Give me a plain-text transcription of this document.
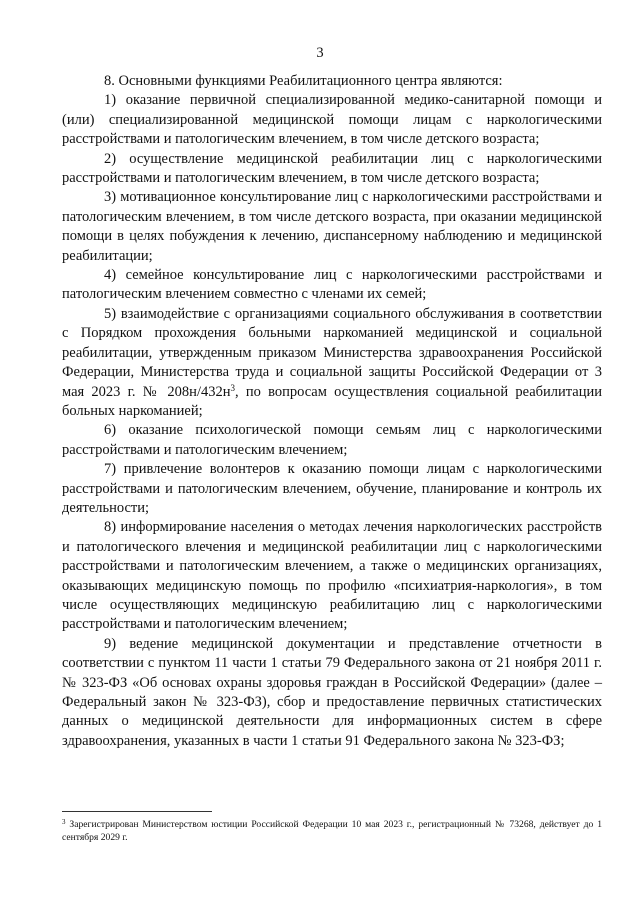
3

8. Основными функциями Реабилитационного центра являются:

1) оказание первичной специализированной медико-санитарной помощи и (или) специализированной медицинской помощи лицам с наркологическими расстройствами и патологическим влечением, в том числе детского возраста;

2) осуществление медицинской реабилитации лиц с наркологическими расстройствами и патологическим влечением, в том числе детского возраста;

3) мотивационное консультирование лиц с наркологическими расстройствами и патологическим влечением, в том числе детского возраста, при оказании медицинской помощи в целях побуждения к лечению, диспансерному наблюдению и медицинской реабилитации;

4) семейное консультирование лиц с наркологическими расстройствами и патологическим влечением совместно с членами их семей;

5) взаимодействие с организациями социального обслуживания в соответствии с Порядком прохождения больными наркоманией медицинской и социальной реабилитации, утвержденным приказом Министерства здравоохранения Российской Федерации, Министерства труда и социальной защиты Российской Федерации от 3 мая 2023 г. № $208н/432н^3$, по вопросам осуществления социальной реабилитации больных наркоманией;

6) оказание психологической помощи семьям лиц с наркологическими расстройствами и патологическим влечением;

7) привлечение волонтеров к оказанию помощи лицам с наркологическими расстройствами и патологическим влечением, обучение, планирование и контроль их деятельности;

8) информирование населения о методах лечения наркологических расстройств и патологического влечения и медицинской реабилитации лиц с наркологическими расстройствами и патологическим влечением, а также о медицинских организациях, оказывающих медицинскую помощь по профилю «психиатрия-наркология», в том числе осуществляющих медицинскую реабилитацию лиц с наркологическими расстройствами и патологическим влечением;

9) ведение медицинской документации и представление отчетности в соответствии с пунктом 11 части 1 статьи 79 Федерального закона от 21 ноября 2011 г. № 323-ФЗ «Об основах охраны здоровья граждан в Российской Федерации» (далее – Федеральный закон № 323-ФЗ), сбор и предоставление первичных статистических данных о медицинской деятельности для информационных систем в сфере здравоохранения, указанных в части 1 статьи 91 Федерального закона № 323-ФЗ;

$^3$ Зарегистрирован Министерством юстиции Российской Федерации 10 мая 2023 г., регистрационный № 73268, действует до 1 сентября 2029 г.
